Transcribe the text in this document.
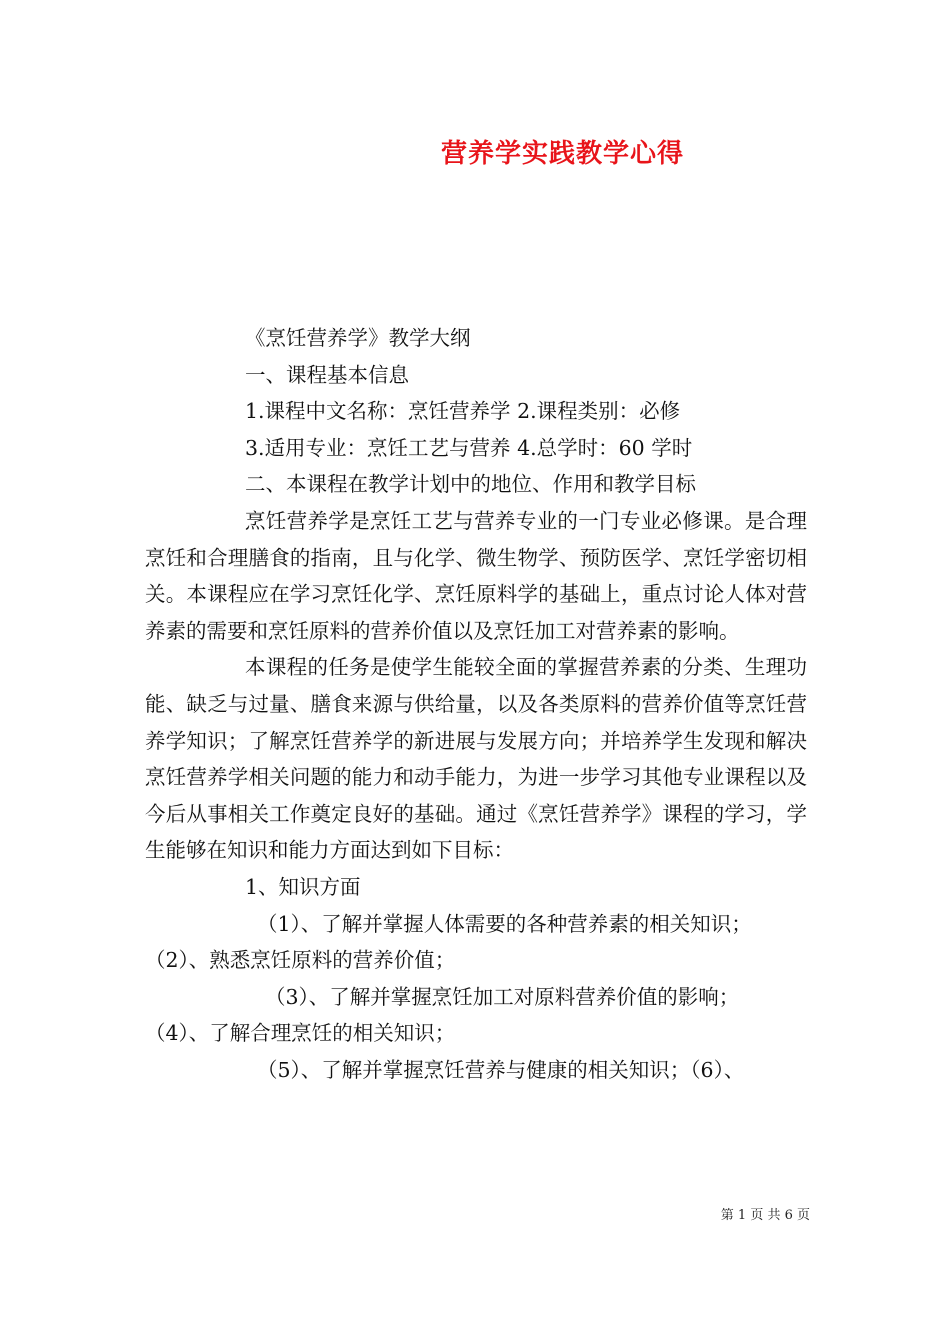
营养学实践教学心得
《烹饪营养学》教学大纲
一、课程基本信息
1.课程中文名称：烹饪营养学 2.课程类别：必修
3.适用专业：烹饪工艺与营养 4.总学时：60 学时
二、本课程在教学计划中的地位、作用和教学目标

烹饪营养学是烹饪工艺与营养专业的一门专业必修课。是合理烹饪和合理膳食的指南，且与化学、微生物学、预防医学、烹饪学密切相关。本课程应在学习烹饪化学、烹饪原料学的基础上，重点讨论人体对营养素的需要和烹饪原料的营养价值以及烹饪加工对营养素的影响。

本课程的任务是使学生能较全面的掌握营养素的分类、生理功能、缺乏与过量、膳食来源与供给量，以及各类原料的营养价值等烹饪营养学知识；了解烹饪营养学的新进展与发展方向；并培养学生发现和解决烹饪营养学相关问题的能力和动手能力，为进一步学习其他专业课程以及今后从事相关工作奠定良好的基础。通过《烹饪营养学》课程的学习，学生能够在知识和能力方面达到如下目标：

1、知识方面
（1）、了解并掌握人体需要的各种营养素的相关知识；
（2）、熟悉烹饪原料的营养价值；
（3）、了解并掌握烹饪加工对原料营养价值的影响；
（4）、了解合理烹饪的相关知识；
（5）、了解并掌握烹饪营养与健康的相关知识；（6）、
第 1 页 共 6 页
